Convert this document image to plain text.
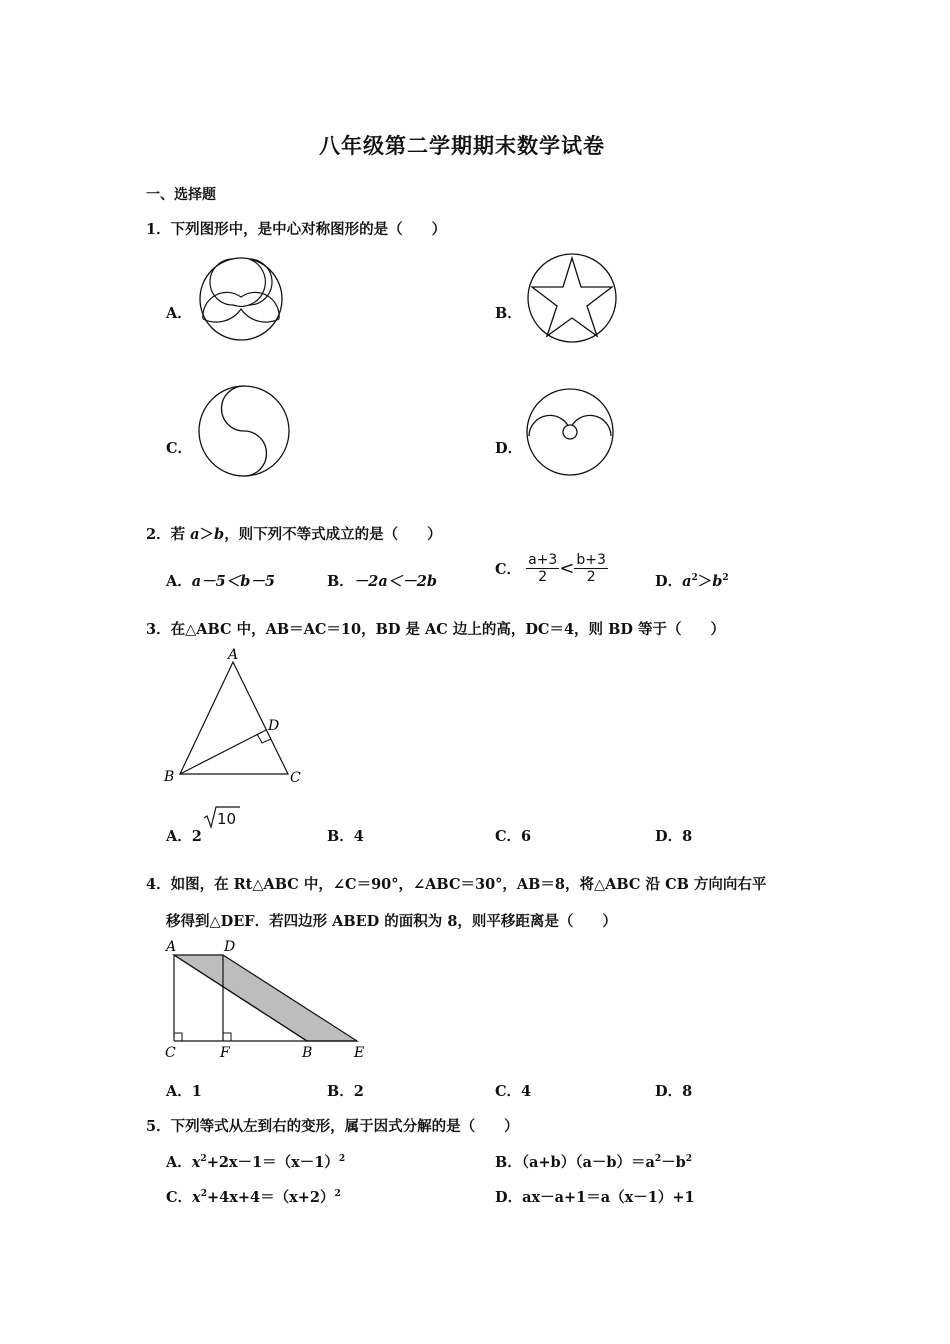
八年级第二学期期末数学试卷
一、选择题
1．下列图形中，是中心对称图形的是（　　）
A．	B．
C．	D．
2．若 a＞b，则下列不等式成立的是（　　）
A．a－5＜b－5	B．－2a＜－2b
C． $\frac{a+3}{2} < \frac{b+3}{2}$	D．$a^2>b^2$
3．在△ABC 中，AB＝AC＝10，BD 是 AC 边上的高，DC＝4，则 BD 等于（　　）
A
D
B	C
A．2
10
B．4	C．6	D．8
4．如图，在 Rt△ABC 中，∠C＝90°，∠ABC＝30°，AB＝8，将△ABC 沿 CB 方向向右平
移得到△DEF．若四边形 ABED 的面积为 8，则平移距离是（　　）
A	D
C	F	B	E
A．1	B．2	C．4	D．8
5．下列等式从左到右的变形，属于因式分解的是（　　）
A．$x^2+2x-1=(x-1)^2$	B．$(a+b)(a-b)=a^2-b^2$
C．$x^2+4x+4=(x+2)^2$	D．ax－a+1＝a（x－1）+1
